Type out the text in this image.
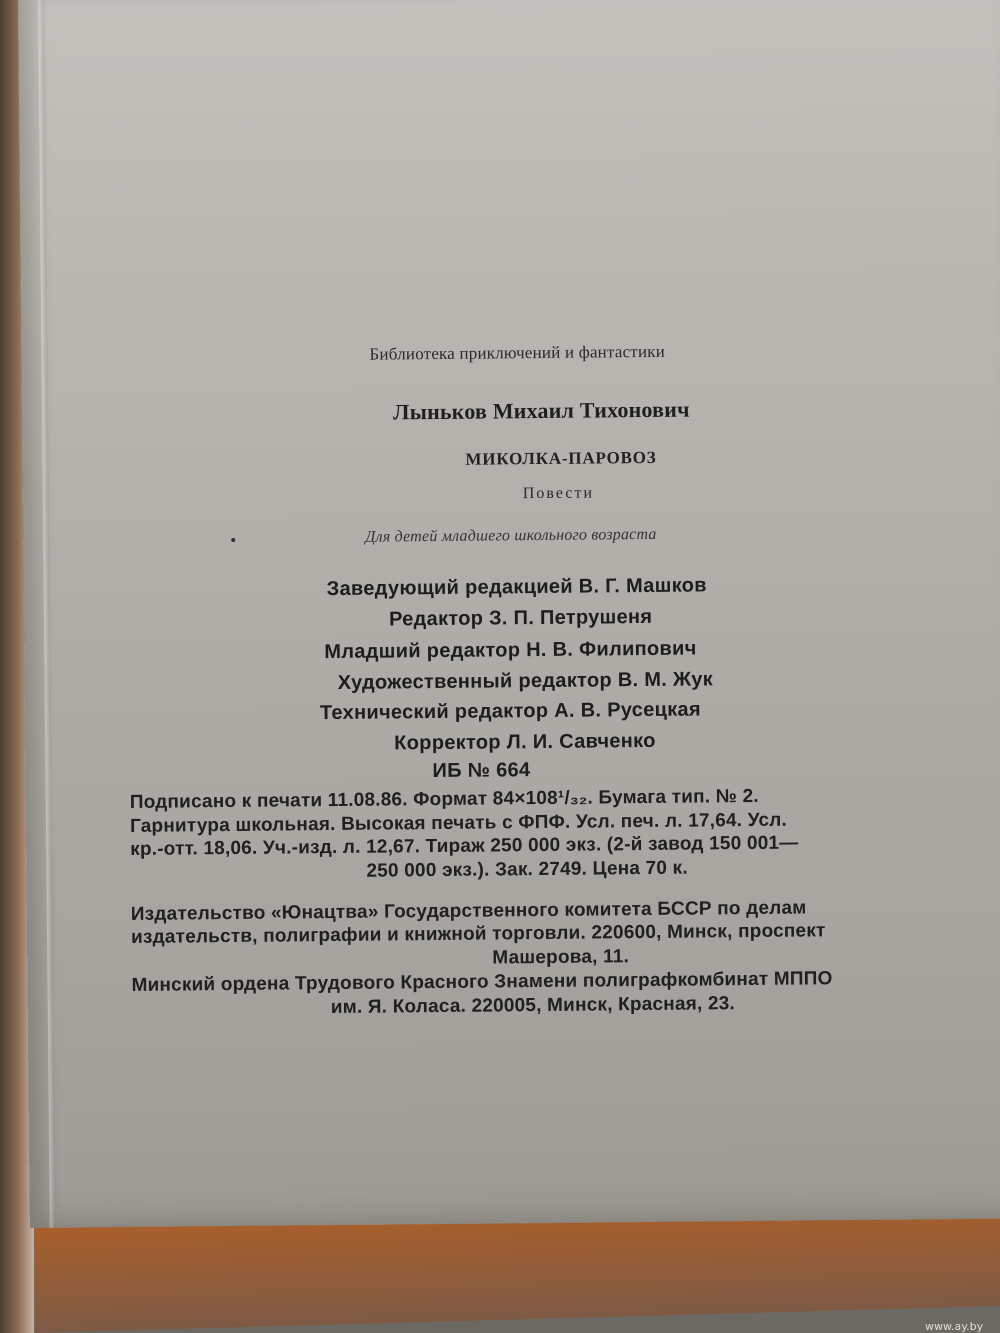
Библиотека приключений и фантастики
Лыньков Михаил Тихонович
МИКОЛКА-ПАРОВОЗ
Повести
Для детей младшего школьного возраста
Заведующий редакцией В. Г. Машков
Редактор З. П. Петрушеня
Младший редактор Н. В. Филипович
Художественный редактор В. М. Жук
Технический редактор А. В. Русецкая
Корректор Л. И. Савченко
ИБ № 664
Подписано к печати 11.08.86. Формат 84×108¹/₃₂. Бумага тип. № 2.
Гарнитура школьная. Высокая печать с ФПФ. Усл. печ. л. 17,64. Усл.
кр.-отт. 18,06. Уч.-изд. л. 12,67. Тираж 250 000 экз. (2-й завод 150 001—
250 000 экз.). Зак. 2749. Цена 70 к.
Издательство «Юнацтва» Государственного комитета БССР по делам
издательств, полиграфии и книжной торговли. 220600, Минск, проспект
Машерова, 11.
Минский ордена Трудового Красного Знамени полиграфкомбинат МППО
им. Я. Коласа. 220005, Минск, Красная, 23.
www.ay.by
